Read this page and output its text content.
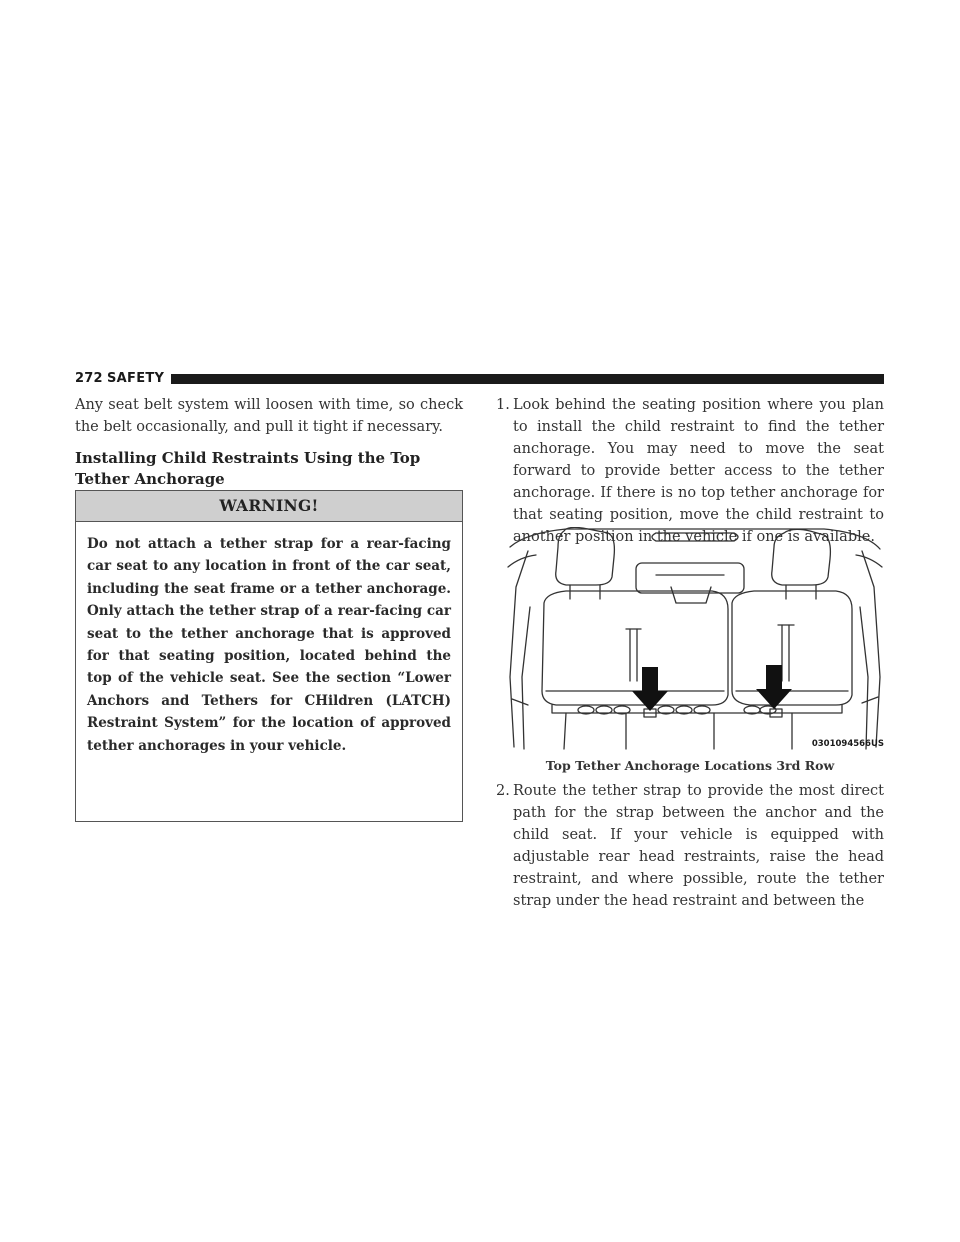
272 SAFETY

Any seat belt system will loosen with time, so check the belt occasionally, and pull it tight if necessary.

Installing Child Restraints Using the Top Tether Anchorage
WARNING!
Do not attach a tether strap for a rear-facing car seat to any location in front of the car seat, including the seat frame or a tether anchorage. Only attach the tether strap of a rear-facing car seat to the tether anchorage that is approved for that seating position, located behind the top of the vehicle seat. See the section “Lower Anchors and Tethers for CHildren (LATCH) Restraint System” for the location of approved tether anchorages in your vehicle.
1. Look behind the seating position where you plan to install the child restraint to find the tether anchorage. You may need to move the seat forward to provide better access to the tether anchorage. If there is no top tether anchorage for that seating position, move the child restraint to another position in the vehicle if one is available.
0301094566US
Top Tether Anchorage Locations 3rd Row
2. Route the tether strap to provide the most direct path for the strap between the anchor and the child seat. If your vehicle is equipped with adjustable rear head restraints, raise the head restraint, and where possible, route the tether strap under the head restraint and between the
